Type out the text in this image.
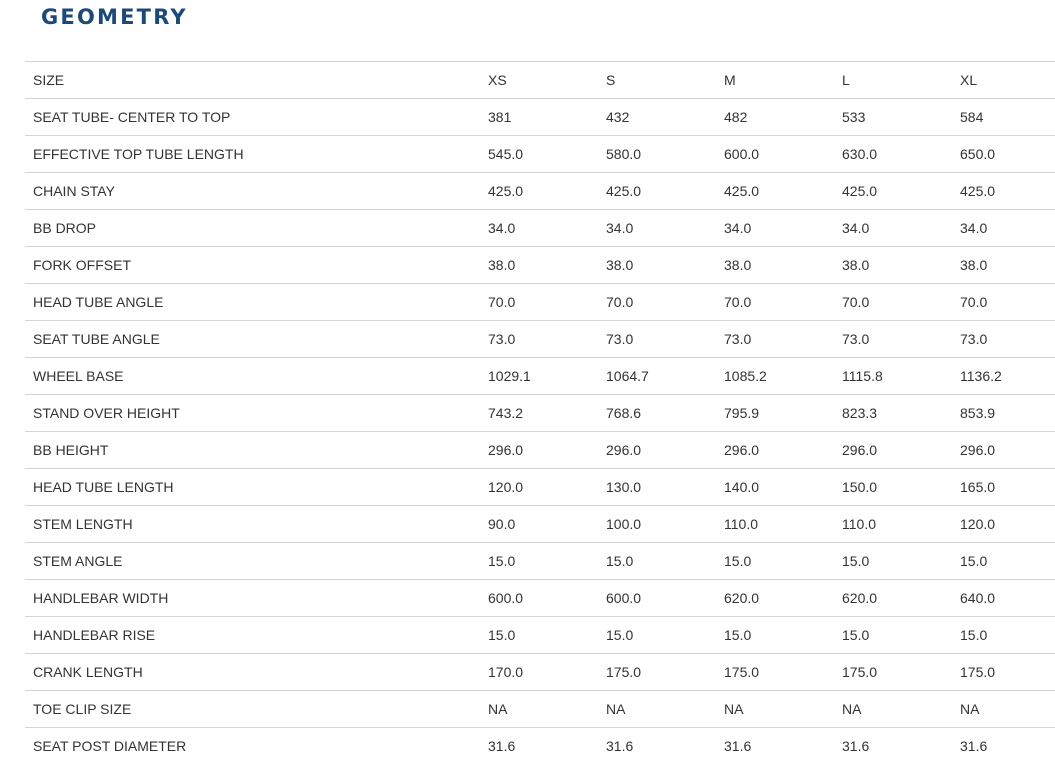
GEOMETRY
SIZE	XS	S	M	L	XL
SEAT TUBE- CENTER TO TOP	381	432	482	533	584
EFFECTIVE TOP TUBE LENGTH	545.0	580.0	600.0	630.0	650.0
CHAIN STAY	425.0	425.0	425.0	425.0	425.0
BB DROP	34.0	34.0	34.0	34.0	34.0
FORK OFFSET	38.0	38.0	38.0	38.0	38.0
HEAD TUBE ANGLE	70.0	70.0	70.0	70.0	70.0
SEAT TUBE ANGLE	73.0	73.0	73.0	73.0	73.0
WHEEL BASE	1029.1	1064.7	1085.2	1115.8	1136.2
STAND OVER HEIGHT	743.2	768.6	795.9	823.3	853.9
BB HEIGHT	296.0	296.0	296.0	296.0	296.0
HEAD TUBE LENGTH	120.0	130.0	140.0	150.0	165.0
STEM LENGTH	90.0	100.0	110.0	110.0	120.0
STEM ANGLE	15.0	15.0	15.0	15.0	15.0
HANDLEBAR WIDTH	600.0	600.0	620.0	620.0	640.0
HANDLEBAR RISE	15.0	15.0	15.0	15.0	15.0
CRANK LENGTH	170.0	175.0	175.0	175.0	175.0
TOE CLIP SIZE	NA	NA	NA	NA	NA
SEAT POST DIAMETER	31.6	31.6	31.6	31.6	31.6
